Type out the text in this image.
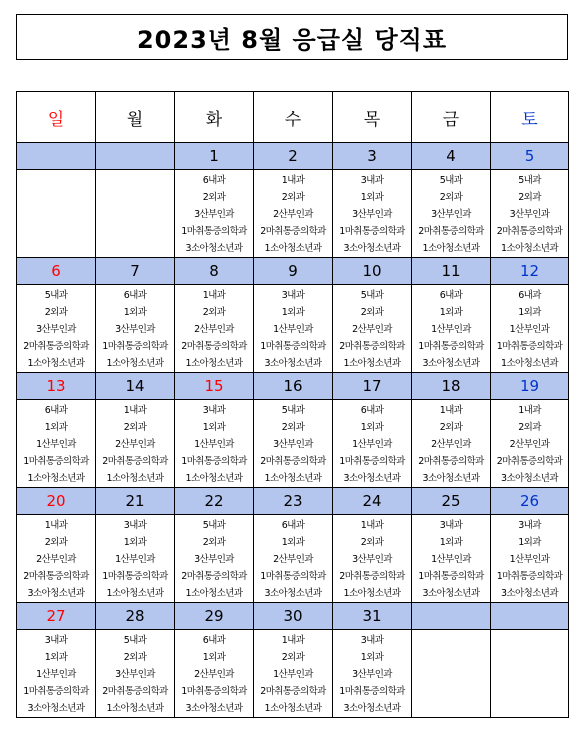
2023년 8월 응급실 당직표
일	월	화	수	목	금	토
		1	2	3	4	5

		6내과
2외과
3산부인과
1마취통증의학과
3소아청소년과	1내과
2외과
2산부인과
2마취통증의학과
1소아청소년과	3내과
1외과
3산부인과
1마취통증의학과
3소아청소년과	5내과
2외과
3산부인과
2마취통증의학과
1소아청소년과	5내과
2외과
3산부인과
2마취통증의학과
1소아청소년과

6	7	8	9	10	11	12

5내과
2외과
3산부인과
2마취통증의학과
1소아청소년과	6내과
1외과
3산부인과
1마취통증의학과
1소아청소년과	1내과
2외과
2산부인과
2마취통증의학과
1소아청소년과	3내과
1외과
1산부인과
1마취통증의학과
3소아청소년과	5내과
2외과
2산부인과
2마취통증의학과
1소아청소년과	6내과
1외과
1산부인과
1마취통증의학과
3소아청소년과	6내과
1외과
1산부인과
1마취통증의학과
1소아청소년과

13	14	15	16	17	18	19

6내과
1외과
1산부인과
1마취통증의학과
1소아청소년과	1내과
2외과
2산부인과
2마취통증의학과
1소아청소년과	3내과
1외과
1산부인과
1마취통증의학과
1소아청소년과	5내과
2외과
3산부인과
2마취통증의학과
1소아청소년과	6내과
1외과
1산부인과
1마취통증의학과
3소아청소년과	1내과
2외과
2산부인과
2마취통증의학과
3소아청소년과	1내과
2외과
2산부인과
2마취통증의학과
3소아청소년과

20	21	22	23	24	25	26

1내과
2외과
2산부인과
2마취통증의학과
3소아청소년과	3내과
1외과
1산부인과
1마취통증의학과
1소아청소년과	5내과
2외과
3산부인과
2마취통증의학과
1소아청소년과	6내과
1외과
2산부인과
1마취통증의학과
3소아청소년과	1내과
2외과
3산부인과
2마취통증의학과
1소아청소년과	3내과
1외과
1산부인과
1마취통증의학과
3소아청소년과	3내과
1외과
1산부인과
1마취통증의학과
3소아청소년과

27	28	29	30	31		

3내과
1외과
1산부인과
1마취통증의학과
3소아청소년과	5내과
2외과
3산부인과
2마취통증의학과
1소아청소년과	6내과
1외과
2산부인과
1마취통증의학과
3소아청소년과	1내과
2외과
1산부인과
2마취통증의학과
1소아청소년과	3내과
1외과
3산부인과
1마취통증의학과
3소아청소년과		
